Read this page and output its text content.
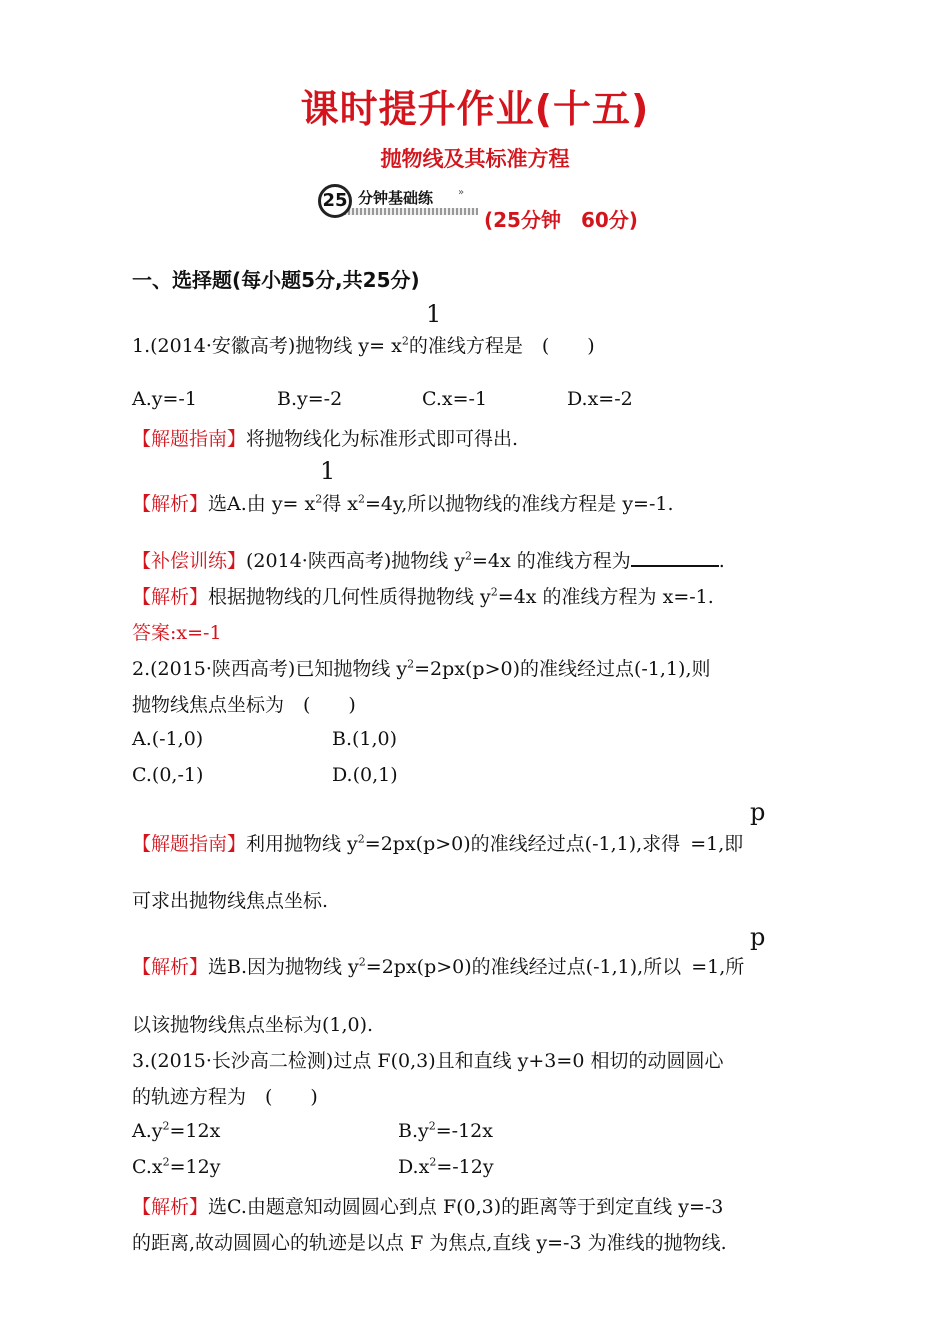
课时提升作业(十五)
抛物线及其标准方程
25 分钟基础练 »
(25分钟　60分)
一、选择题(每小题5分,共25分)
1
1.(2014·安徽高考)抛物线 $y= x^2$的准线方程是　(　　)
A.y=-1	B.y=-2	C.x=-1	D.x=-2
【解题指南】将抛物线化为标准形式即可得出.
1
【解析】选A.由 $y= x^2$得 $x^2=4y$,所以抛物线的准线方程是 y=-1.
【补偿训练】(2014·陕西高考)抛物线 $y^2=4x$ 的准线方程为	.
【解析】根据抛物线的几何性质得抛物线 $y^2=4x$ 的准线方程为 x=-1.
答案:x=-1
2.(2015·陕西高考)已知抛物线 $y^2=2px(p>0)$的准线经过点(-1,1),则
抛物线焦点坐标为　(　　)
A.(-1,0)	B.(1,0)
C.(0,-1)	D.(0,1)
p
【解题指南】利用抛物线 $y^2=2px(p>0)$的准线经过点(-1,1),求得 =1,即
可求出抛物线焦点坐标.
p
【解析】选B.因为抛物线 $y^2=2px(p>0)$的准线经过点(-1,1),所以 =1,所
以该抛物线焦点坐标为(1,0).
3.(2015·长沙高二检测)过点 F(0,3)且和直线 y+3=0 相切的动圆圆心
的轨迹方程为　(　　)
$A.y^2=12x$	$B.y^2=-12x$
$C.x^2=12y$	$D.x^2=-12y$
【解析】选C.由题意知动圆圆心到点 F(0,3)的距离等于到定直线 y=-3
的距离,故动圆圆心的轨迹是以点 F 为焦点,直线 y=-3 为准线的抛物线.
